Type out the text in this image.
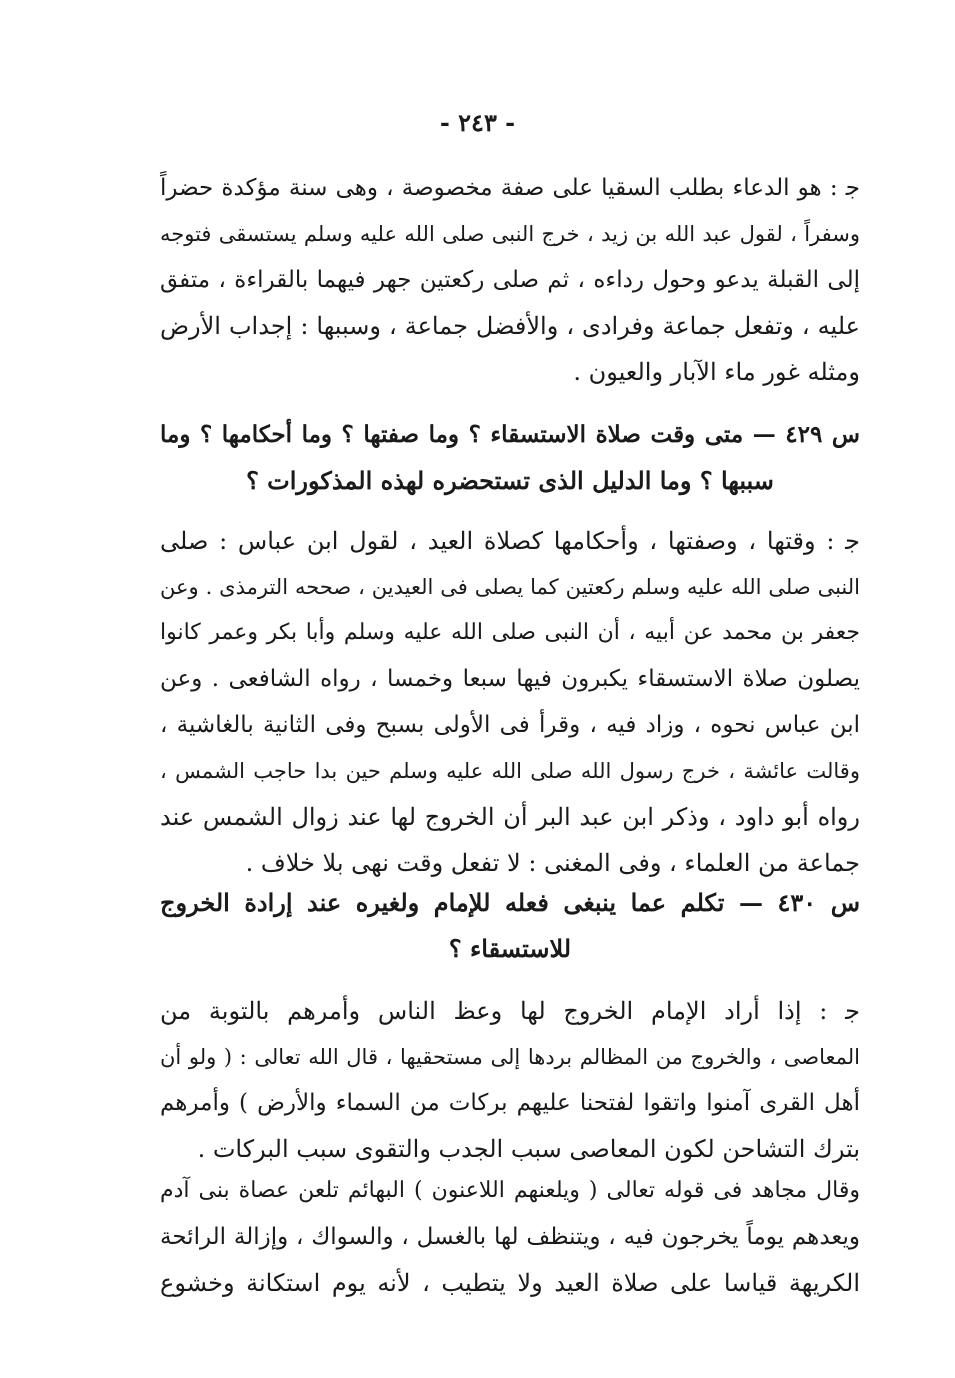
- ٢٤٣ -
ﺟ : هو الدعاء بطلب السقيا على صفة مخصوصة ، وهى سنة مؤكدة حضراً
وسفراً ، لقول عبد الله بن زيد ، خرج النبى صلى الله عليه وسلم يستسقى فتوجه
إلى القبلة يدعو وحول رداءه ، ثم صلى ركعتين جهر فيهما بالقراءة ، متفق
عليه ، وتفعل جماعة وفرادى ، والأفضل جماعة ، وسببها : إجداب الأرض
ومثله غور ماء الآبار والعيون .
س ٤٢٩ — متى وقت صلاة الاستسقاء ؟ وما صفتها ؟ وما أحكامها ؟ وما
سببها ؟ وما الدليل الذى تستحضره لهذه المذكورات ؟
ﺟ : وقتها ، وصفتها ، وأحكامها كصلاة العيد ، لقول ابن عباس : صلى
النبى صلى الله عليه وسلم ركعتين كما يصلى فى العيدين ، صححه الترمذى . وعن
جعفر بن محمد عن أبيه ، أن النبى صلى الله عليه وسلم وأبا بكر وعمر كانوا
يصلون صلاة الاستسقاء يكبرون فيها سبعا وخمسا ، رواه الشافعى . وعن
ابن عباس نحوه ، وزاد فيه ، وقرأ فى الأولى بسبح وفى الثانية بالغاشية ،
وقالت عائشة ، خرج رسول الله صلى الله عليه وسلم حين بدا حاجب الشمس ،
رواه أبو داود ، وذكر ابن عبد البر أن الخروج لها عند زوال الشمس عند
جماعة من العلماء ، وفى المغنى : لا تفعل وقت نهى بلا خلاف .
س ٤٣٠ — تكلم عما ينبغى فعله للإمام ولغيره عند إرادة الخروج
للاستسقاء ؟
ﺟ : إذا أراد الإمام الخروج لها وعظ الناس وأمرهم بالتوبة من
المعاصى ، والخروج من المظالم بردها إلى مستحقيها ، قال الله تعالى : ( ولو أن
أهل القرى آمنوا واتقوا لفتحنا عليهم بركات من السماء والأرض ) وأمرهم
بترك التشاحن لكون المعاصى سبب الجدب والتقوى سبب البركات .
وقال مجاهد فى قوله تعالى ( ويلعنهم اللاعنون ) البهائم تلعن عصاة بنى آدم
ويعدهم يوماً يخرجون فيه ، ويتنظف لها بالغسل ، والسواك ، وإزالة الرائحة
الكريهة قياسا على صلاة العيد ولا يتطيب ، لأنه يوم استكانة وخشوع
